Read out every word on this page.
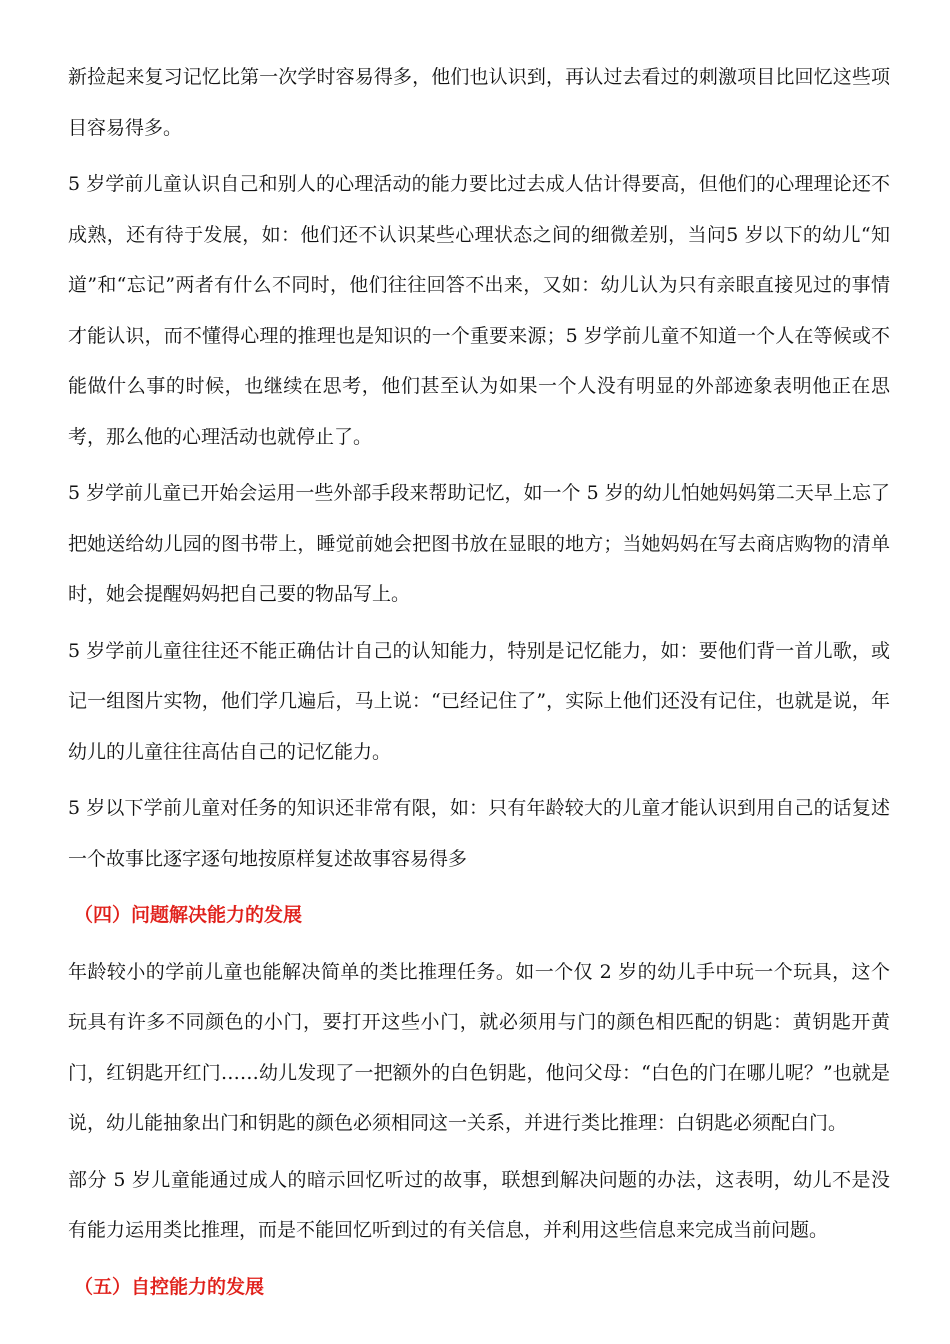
新捡起来复习记忆比第一次学时容易得多，他们也认识到，再认过去看过的刺激项目比回忆这些项目容易得多。

5 岁学前儿童认识自己和别人的心理活动的能力要比过去成人估计得要高，但他们的心理理论还不成熟，还有待于发展，如：他们还不认识某些心理状态之间的细微差别，当问5 岁以下的幼儿“知道”和“忘记”两者有什么不同时，他们往往回答不出来，又如：幼儿认为只有亲眼直接见过的事情才能认识，而不懂得心理的推理也是知识的一个重要来源；5 岁学前儿童不知道一个人在等候或不能做什么事的时候，也继续在思考，他们甚至认为如果一个人没有明显的外部迹象表明他正在思考，那么他的心理活动也就停止了。

5 岁学前儿童已开始会运用一些外部手段来帮助记忆，如一个 5 岁的幼儿怕她妈妈第二天早上忘了把她送给幼儿园的图书带上，睡觉前她会把图书放在显眼的地方；当她妈妈在写去商店购物的清单时，她会提醒妈妈把自己要的物品写上。

5 岁学前儿童往往还不能正确估计自己的认知能力，特别是记忆能力，如：要他们背一首儿歌，或记一组图片实物，他们学几遍后，马上说：“已经记住了”，实际上他们还没有记住，也就是说，年幼儿的儿童往往高估自己的记忆能力。

5 岁以下学前儿童对任务的知识还非常有限，如：只有年龄较大的儿童才能认识到用自己的话复述一个故事比逐字逐句地按原样复述故事容易得多

（四）问题解决能力的发展

年龄较小的学前儿童也能解决简单的类比推理任务。如一个仅 2 岁的幼儿手中玩一个玩具，这个玩具有许多不同颜色的小门，要打开这些小门，就必须用与门的颜色相匹配的钥匙：黄钥匙开黄门，红钥匙开红门……幼儿发现了一把额外的白色钥匙，他问父母：“白色的门在哪儿呢？”也就是说，幼儿能抽象出门和钥匙的颜色必须相同这一关系，并进行类比推理：白钥匙必须配白门。

部分 5 岁儿童能通过成人的暗示回忆听过的故事，联想到解决问题的办法，这表明，幼儿不是没有能力运用类比推理，而是不能回忆听到过的有关信息，并利用这些信息来完成当前问题。

（五）自控能力的发展
